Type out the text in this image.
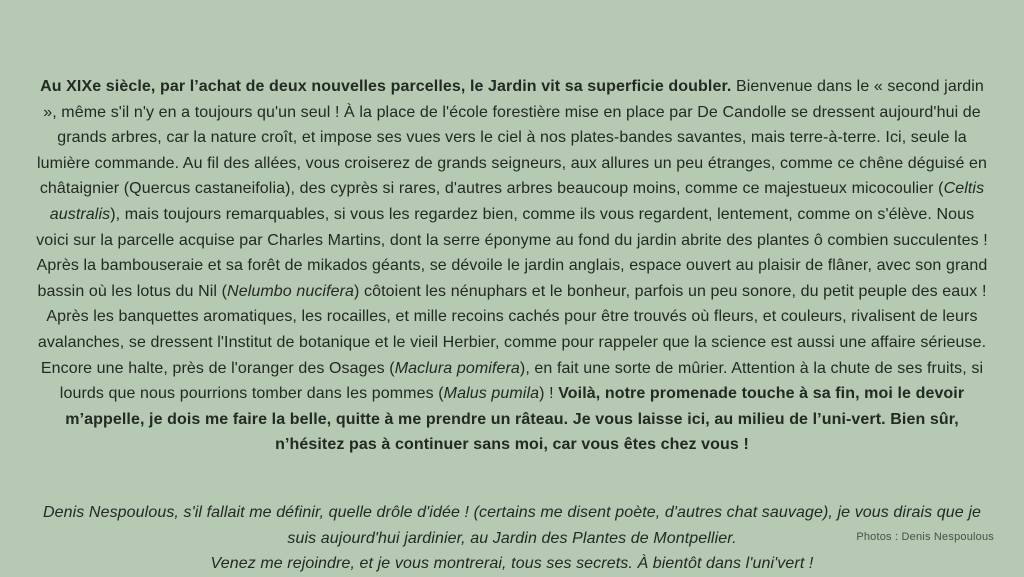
Au XIXe siècle, par l’achat de deux nouvelles parcelles, le Jardin vit sa superficie doubler. Bienvenue dans le « second jardin », même s'il n'y en a toujours qu'un seul ! À la place de l'école forestière mise en place par De Candolle se dressent aujourd'hui de grands arbres, car la nature croît, et impose ses vues vers le ciel à nos plates-bandes savantes, mais terre-à-terre. Ici, seule la lumière commande. Au fil des allées, vous croiserez de grands seigneurs, aux allures un peu étranges, comme ce chêne déguisé en châtaignier (Quercus castaneifolia), des cyprès si rares, d'autres arbres beaucoup moins, comme ce majestueux micocoulier (Celtis australis), mais toujours remarquables, si vous les regardez bien, comme ils vous regardent, lentement, comme on s'élève. Nous voici sur la parcelle acquise par Charles Martins, dont la serre éponyme au fond du jardin abrite des plantes ô combien succulentes ! Après la bambouseraie et sa forêt de mikados géants, se dévoile le jardin anglais, espace ouvert au plaisir de flâner, avec son grand bassin où les lotus du Nil (Nelumbo nucifera) côtoient les nénuphars et le bonheur, parfois un peu sonore, du petit peuple des eaux ! Après les banquettes aromatiques, les rocailles, et mille recoins cachés pour être trouvés où fleurs, et couleurs, rivalisent de leurs avalanches, se dressent l'Institut de botanique et le vieil Herbier, comme pour rappeler que la science est aussi une affaire sérieuse. Encore une halte, près de l'oranger des Osages (Maclura pomifera), en fait une sorte de mûrier. Attention à la chute de ses fruits, si lourds que nous pourrions tomber dans les pommes (Malus pumila) ! Voilà, notre promenade touche à sa fin, moi le devoir m’appelle, je dois me faire la belle, quitte à me prendre un râteau. Je vous laisse ici, au milieu de l’uni-vert. Bien sûr, n’hésitez pas à continuer sans moi, car vous êtes chez vous !

Denis Nespoulous, s'il fallait me définir, quelle drôle d'idée ! (certains me disent poète, d'autres chat sauvage), je vous dirais que je suis aujourd'hui jardinier, au Jardin des Plantes de Montpellier.
Venez me rejoindre, et je vous montrerai, tous ses secrets. À bientôt dans l'uni'vert !

Photos : Denis Nespoulous
